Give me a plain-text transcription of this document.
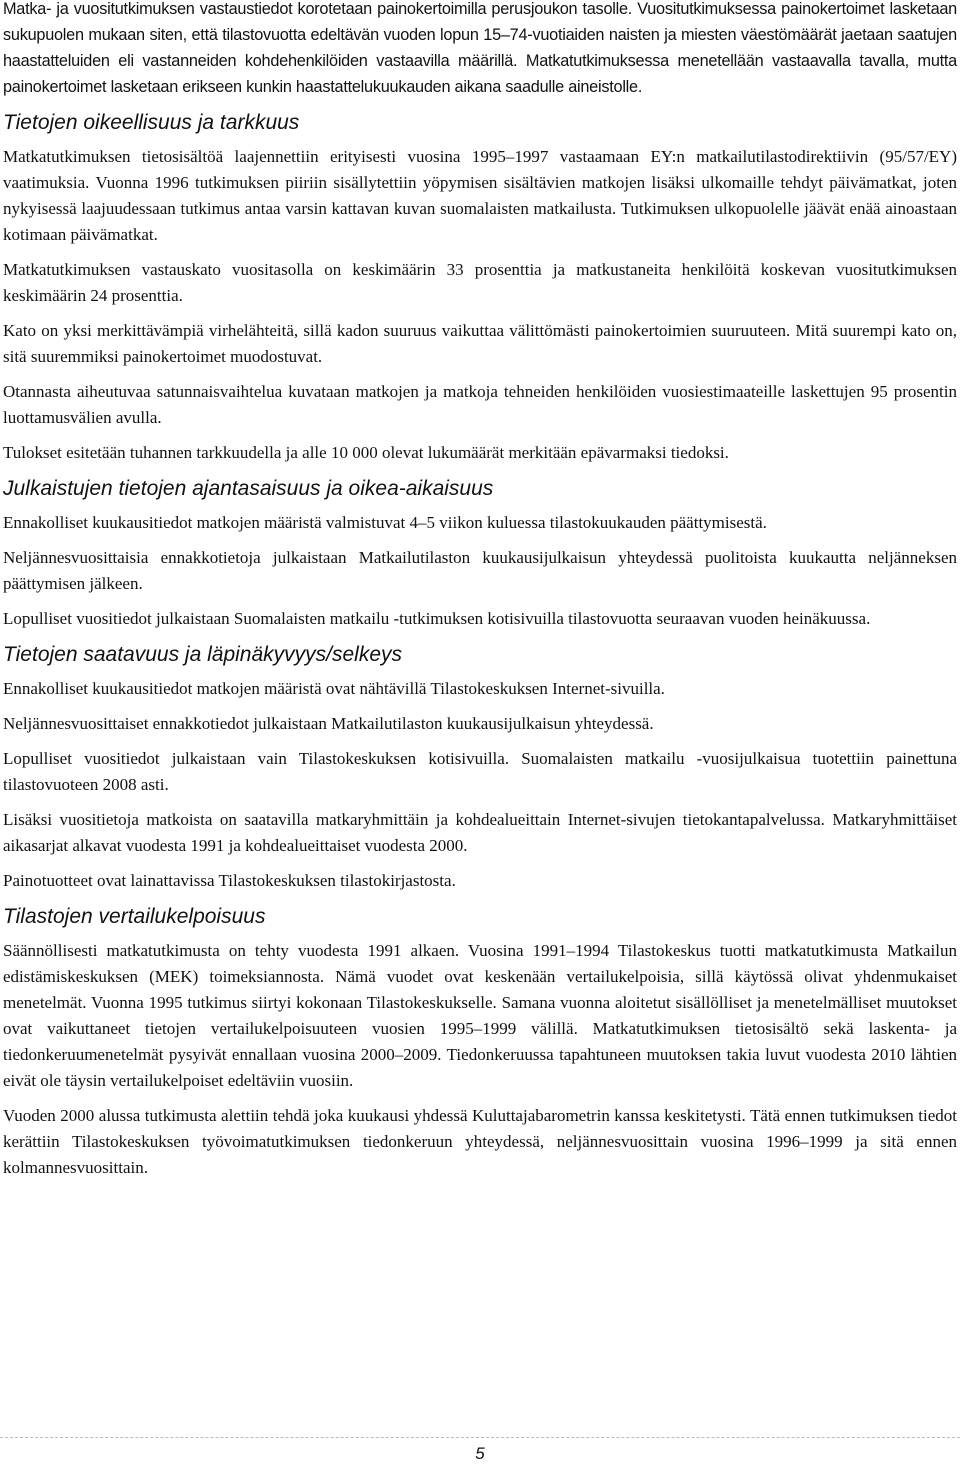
Matka- ja vuositutkimuksen vastaustiedot korotetaan painokertoimilla perusjoukon tasolle. Vuositutkimuksessa painokertoimet lasketaan sukupuolen mukaan siten, että tilastovuotta edeltävän vuoden lopun 15–74-vuotiaiden naisten ja miesten väestömäärät jaetaan saatujen haastatteluiden eli vastanneiden kohdehenkilöiden vastaavilla määrillä. Matkatutkimuksessa menetellään vastaavalla tavalla, mutta painokertoimet lasketaan erikseen kunkin haastattelukuukauden aikana saadulle aineistolle.

Tietojen oikeellisuus ja tarkkuus

Matkatutkimuksen tietosisältöä laajennettiin erityisesti vuosina 1995–1997 vastaamaan EY:n matkailutilastodirektiivin (95/57/EY) vaatimuksia. Vuonna 1996 tutkimuksen piiriin sisällytettiin yöpymisen sisältävien matkojen lisäksi ulkomaille tehdyt päivämatkat, joten nykyisessä laajuudessaan tutkimus antaa varsin kattavan kuvan suomalaisten matkailusta. Tutkimuksen ulkopuolelle jäävät enää ainoastaan kotimaan päivämatkat.

Matkatutkimuksen vastauskato vuositasolla on keskimäärin 33 prosenttia ja matkustaneita henkilöitä koskevan vuositutkimuksen keskimäärin 24 prosenttia.

Kato on yksi merkittävämpiä virhelähteitä, sillä kadon suuruus vaikuttaa välittömästi painokertoimien suuruuteen. Mitä suurempi kato on, sitä suuremmiksi painokertoimet muodostuvat.

Otannasta aiheutuvaa satunnaisvaihtelua kuvataan matkojen ja matkoja tehneiden henkilöiden vuosiestimaateille laskettujen 95 prosentin luottamusvälien avulla.

Tulokset esitetään tuhannen tarkkuudella ja alle 10 000 olevat lukumäärät merkitään epävarmaksi tiedoksi.

Julkaistujen tietojen ajantasaisuus ja oikea-aikaisuus

Ennakolliset kuukausitiedot matkojen määristä valmistuvat 4–5 viikon kuluessa tilastokuukauden päättymisestä.

Neljännesvuosittaisia ennakkotietoja julkaistaan Matkailutilaston kuukausijulkaisun yhteydessä puolitoista kuukautta neljänneksen päättymisen jälkeen.

Lopulliset vuositiedot julkaistaan Suomalaisten matkailu -tutkimuksen kotisivuilla tilastovuotta seuraavan vuoden heinäkuussa.

Tietojen saatavuus ja läpinäkyvyys/selkeys

Ennakolliset kuukausitiedot matkojen määristä ovat nähtävillä Tilastokeskuksen Internet-sivuilla.

Neljännesvuosittaiset ennakkotiedot julkaistaan Matkailutilaston kuukausijulkaisun yhteydessä.

Lopulliset vuositiedot julkaistaan vain Tilastokeskuksen kotisivuilla. Suomalaisten matkailu -vuosijulkaisua tuotettiin painettuna tilastovuoteen 2008 asti.

Lisäksi vuositietoja matkoista on saatavilla matkaryhmittäin ja kohdealueittain Internet-sivujen tietokantapalvelussa. Matkaryhmittäiset aikasarjat alkavat vuodesta 1991 ja kohdealueittaiset vuodesta 2000.

Painotuotteet ovat lainattavissa Tilastokeskuksen tilastokirjastosta.

Tilastojen vertailukelpoisuus

Säännöllisesti matkatutkimusta on tehty vuodesta 1991 alkaen. Vuosina 1991–1994 Tilastokeskus tuotti matkatutkimusta Matkailun edistämiskeskuksen (MEK) toimeksiannosta. Nämä vuodet ovat keskenään vertailukelpoisia, sillä käytössä olivat yhdenmukaiset menetelmät. Vuonna 1995 tutkimus siirtyi kokonaan Tilastokeskukselle. Samana vuonna aloitetut sisällölliset ja menetelmälliset muutokset ovat vaikuttaneet tietojen vertailukelpoisuuteen vuosien 1995–1999 välillä. Matkatutkimuksen tietosisältö sekä laskenta- ja tiedonkeruumenetelmät pysyivät ennallaan vuosina 2000–2009. Tiedonkeruussa tapahtuneen muutoksen takia luvut vuodesta 2010 lähtien eivät ole täysin vertailukelpoiset edeltäviin vuosiin.

Vuoden 2000 alussa tutkimusta alettiin tehdä joka kuukausi yhdessä Kuluttajabarometrin kanssa keskitetysti. Tätä ennen tutkimuksen tiedot kerättiin Tilastokeskuksen työvoimatutkimuksen tiedonkeruun yhteydessä, neljännesvuosittain vuosina 1996–1999 ja sitä ennen kolmannesvuosittain.

5
